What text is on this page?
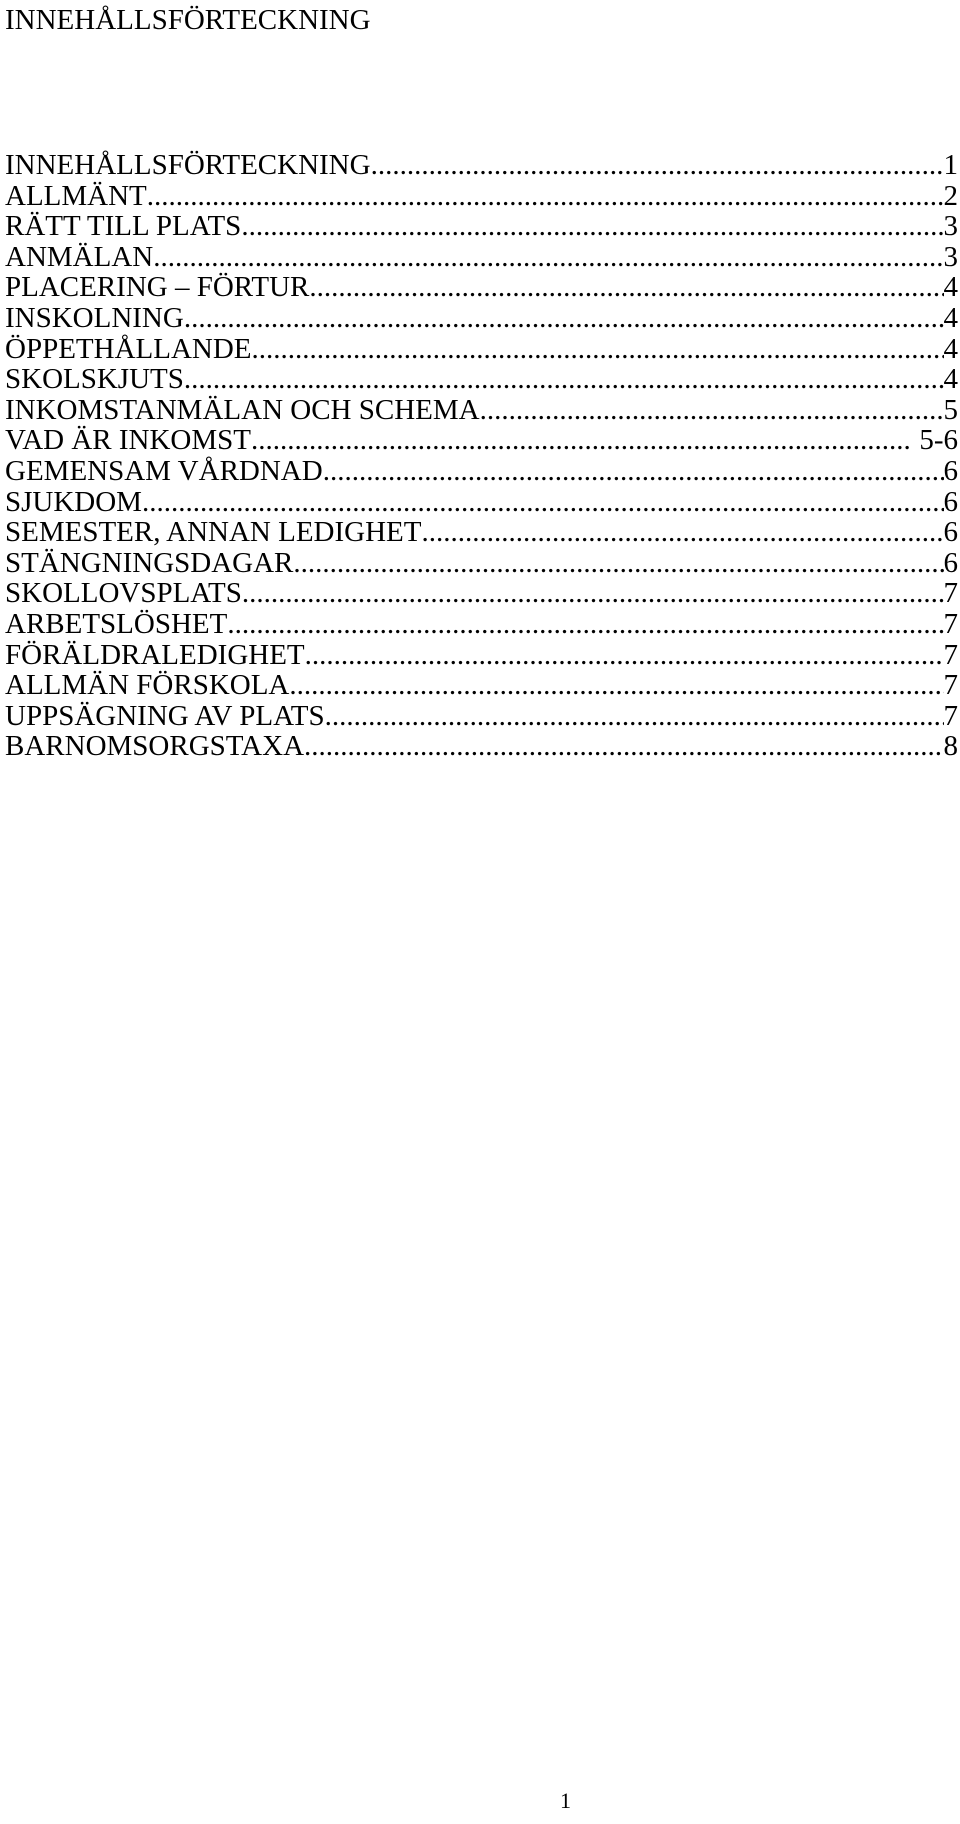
INNEHÅLLSFÖRTECKNING
INNEHÅLLSFÖRTECKNING .....	1
ALLMÄNT .....	2
RÄTT TILL PLATS .....	3
ANMÄLAN .....	3
PLACERING – FÖRTUR .....	4
INSKOLNING .....	4
ÖPPETHÅLLANDE .....	4
SKOLSKJUTS .....	4
INKOMSTANMÄLAN OCH SCHEMA .....	5
VAD ÄR INKOMST .....	5-6
GEMENSAM VÅRDNAD .....	6
SJUKDOM .....	6
SEMESTER, ANNAN LEDIGHET .....	6
STÄNGNINGSDAGAR .....	6
SKOLLOVSPLATS .....	7
ARBETSLÖSHET .....	7
FÖRÄLDRALEDIGHET .....	7
ALLMÄN FÖRSKOLA .....	7
UPPSÄGNING AV PLATS .....	7
BARNOMSORGSTAXA .....	8
1
